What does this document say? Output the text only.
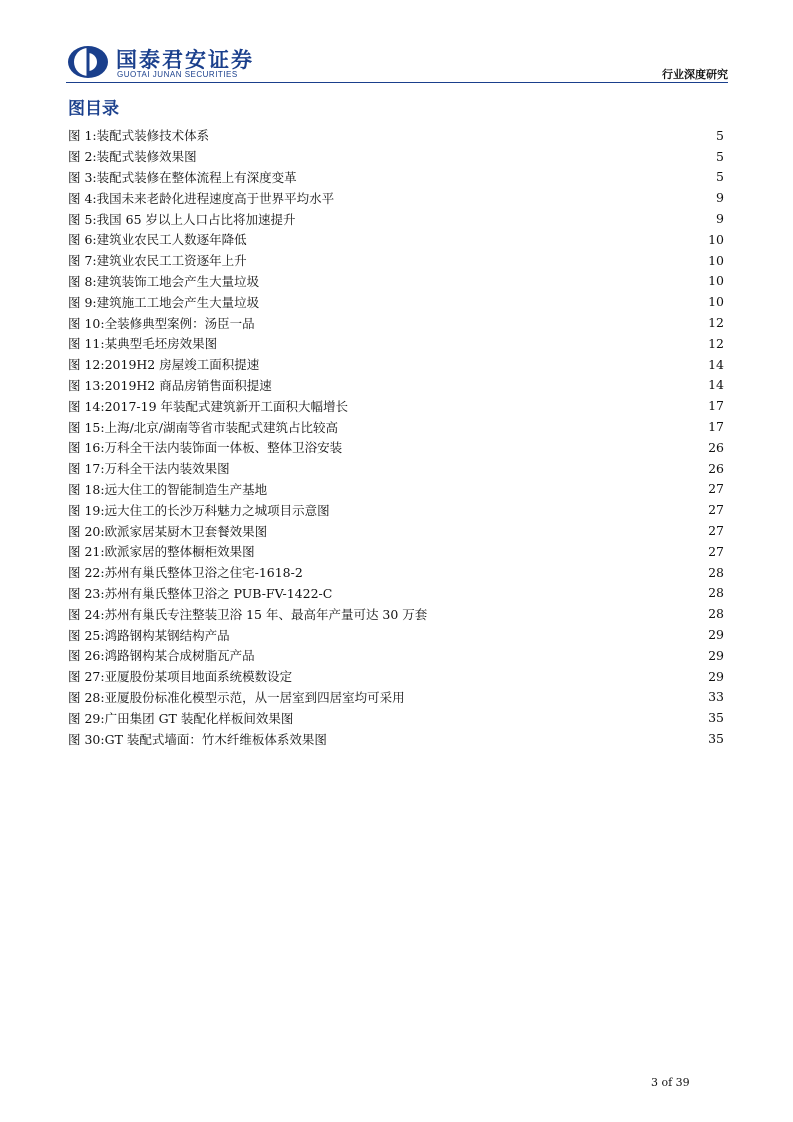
国泰君安证券
GUOTAI JUNAN SECURITIES	行业深度研究
图目录
图 1: 装配式装修技术体系	5
图 2: 装配式装修效果图	5
图 3: 装配式装修在整体流程上有深度变革	5
图 4: 我国未来老龄化进程速度高于世界平均水平	9
图 5: 我国 65 岁以上人口占比将加速提升	9
图 6: 建筑业农民工人数逐年降低	10
图 7: 建筑业农民工工资逐年上升	10
图 8: 建筑装饰工地会产生大量垃圾	10
图 9: 建筑施工工地会产生大量垃圾	10
图 10: 全装修典型案例：汤臣一品	12
图 11: 某典型毛坯房效果图	12
图 12: 2019H2 房屋竣工面积提速	14
图 13: 2019H2 商品房销售面积提速	14
图 14: 2017-19 年装配式建筑新开工面积大幅增长	17
图 15: 上海/北京/湖南等省市装配式建筑占比较高	17
图 16: 万科全干法内装饰面一体板、整体卫浴安装	26
图 17: 万科全干法内装效果图	26
图 18: 远大住工的智能制造生产基地	27
图 19: 远大住工的长沙万科魅力之城项目示意图	27
图 20: 欧派家居某厨木卫套餐效果图	27
图 21: 欧派家居的整体橱柜效果图	27
图 22: 苏州有巢氏整体卫浴之住宅-1618-2	28
图 23: 苏州有巢氏整体卫浴之 PUB-FV-1422-C	28
图 24: 苏州有巢氏专注整装卫浴 15 年、最高年产量可达 30 万套	28
图 25: 鸿路钢构某钢结构产品	29
图 26: 鸿路钢构某合成树脂瓦产品	29
图 27: 亚厦股份某项目地面系统模数设定	29
图 28: 亚厦股份标准化模型示范，从一居室到四居室均可采用	33
图 29: 广田集团 GT 装配化样板间效果图	35
图 30: GT 装配式墙面：竹木纤维板体系效果图	35
3 of 39
